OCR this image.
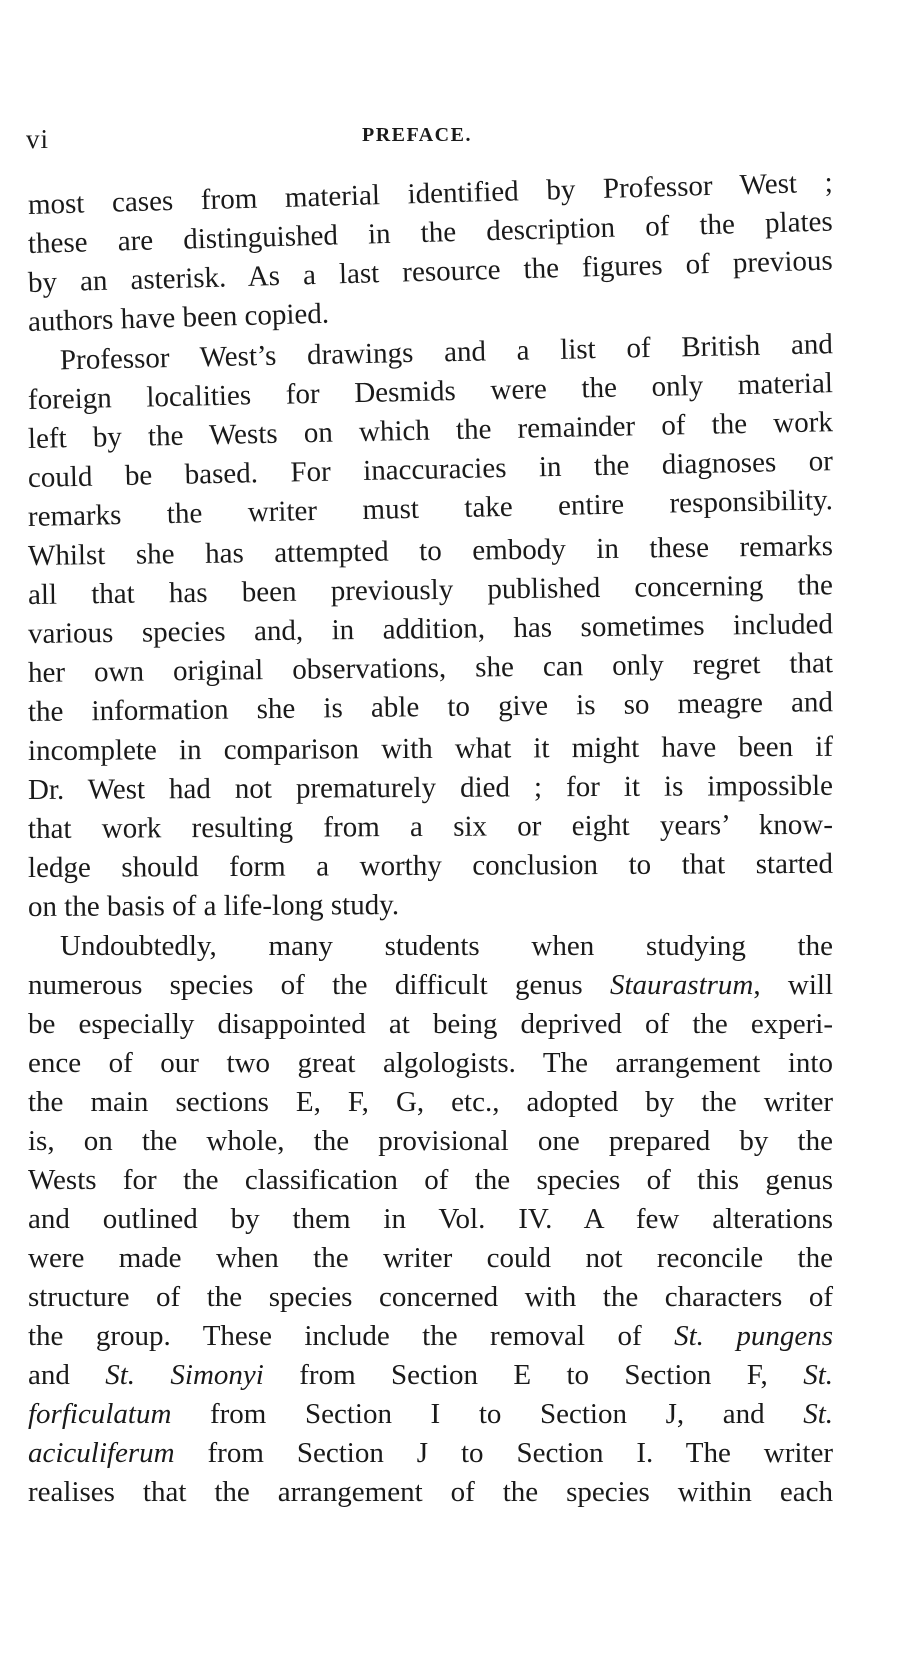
vi	PREFACE.
most cases from material identified by Professor West ;
these are distinguished in the description of the plates
by an asterisk. As a last resource the figures of previous
authors have been copied.
Professor West’s drawings and a list of British and
foreign localities for Desmids were the only material
left by the Wests on which the remainder of the work
could be based. For inaccuracies in the diagnoses or
remarks the writer must take entire responsibility.
Whilst she has attempted to embody in these remarks
all that has been previously published concerning the
various species and, in addition, has sometimes included
her own original observations, she can only regret that
the information she is able to give is so meagre and
incomplete in comparison with what it might have been if
Dr. West had not prematurely died ; for it is impossible
that work resulting from a six or eight years’ know-
ledge should form a worthy conclusion to that started
on the basis of a life-long study.
Undoubtedly, many students when studying the
numerous species of the difficult genus Staurastrum, will
be especially disappointed at being deprived of the experi-
ence of our two great algologists. The arrangement into
the main sections E, F, G, etc., adopted by the writer
is, on the whole, the provisional one prepared by the
Wests for the classification of the species of this genus
and outlined by them in Vol. IV. A few alterations
were made when the writer could not reconcile the
structure of the species concerned with the characters of
the group. These include the removal of St. pungens
and St. Simonyi from Section E to Section F, St.
forficulatum from Section I to Section J, and St.
aciculiferum from Section J to Section I. The writer
realises that the arrangement of the species within each
